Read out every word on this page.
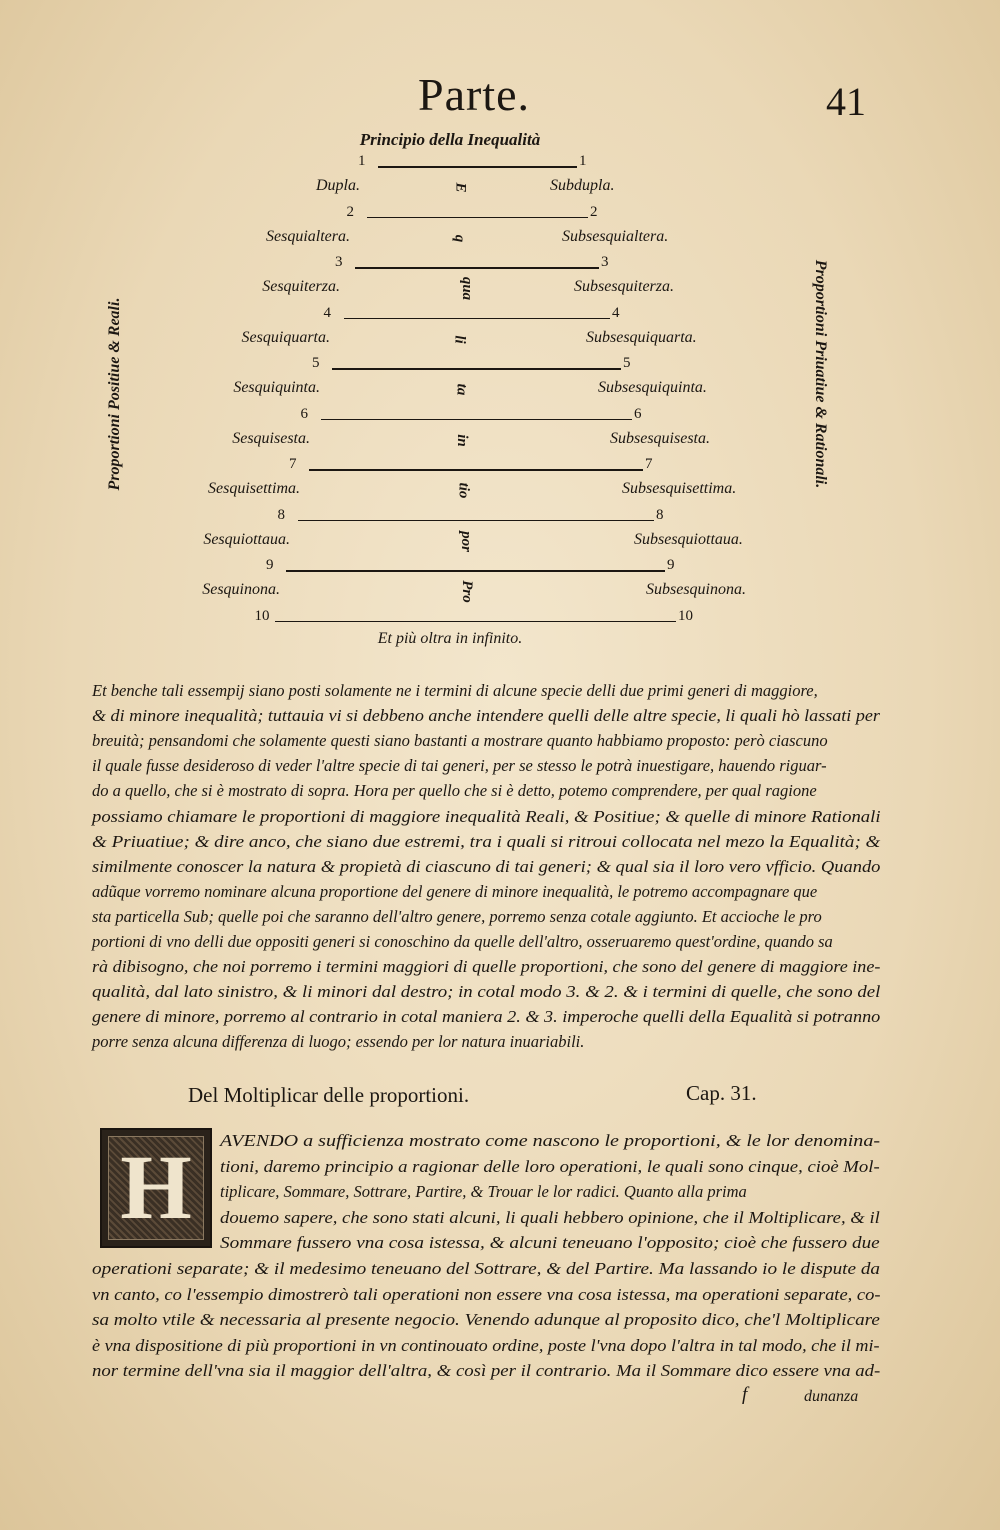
Parte.	41
Principio della Inequalità
Proportioni Positiue & Reali.	Proportioni Priuatiue & Rationali.
1	1
Dupla.	Subdupla.
E
2	2
Sesquialtera.	Subsesquialtera.
q
3	3
Sesquiterza.	Subsesquiterza.
qua
4	4
Sesquiquarta.	Subsesquiquarta.
li
5	5
Sesquiquinta.	Subsesquiquinta.
ta
6	6
Sesquisesta.	Subsesquisesta.
in
7	7
Sesquisettima.	Subsesquisettima.
tio
8	8
Sesquiottaua.	Subsesquiottaua.
por
9	9
Sesquinona.	Subsesquinona.
Pro
10	10
Et più oltra in infinito.
Et benche tali essempij siano posti solamente ne i termini di alcune specie delli due primi generi di maggiore,
& di minore inequalità; tuttauia vi si debbeno anche intendere quelli delle altre specie, li quali hò lassati per
breuità; pensandomi che solamente questi siano bastanti a mostrare quanto habbiamo proposto: però ciascuno
il quale fusse desideroso di veder l'altre specie di tai generi, per se stesso le potrà inuestigare, hauendo riguar-
do a quello, che si è mostrato di sopra. Hora per quello che si è detto, potemo comprendere, per qual ragione
possiamo chiamare le proportioni di maggiore inequalità Reali, & Positiue; & quelle di minore Rationali
& Priuatiue; & dire anco, che siano due estremi, tra i quali si ritroui collocata nel mezo la Equalità; &
similmente conoscer la natura & propietà di ciascuno di tai generi; & qual sia il loro vero vfficio. Quando
adũque vorremo nominare alcuna proportione del genere di minore inequalità, le potremo accompagnare que
sta particella Sub; quelle poi che saranno dell'altro genere, porremo senza cotale aggiunto. Et accioche le pro
portioni di vno delli due oppositi generi si conoschino da quelle dell'altro, osseruaremo quest'ordine, quando sa
rà dibisogno, che noi porremo i termini maggiori di quelle proportioni, che sono del genere di maggiore ine-
qualità, dal lato sinistro, & li minori dal destro; in cotal modo 3. & 2. & i termini di quelle, che sono del
genere di minore, porremo al contrario in cotal maniera 2. & 3. imperoche quelli della Equalità si potranno
porre senza alcuna differenza di luogo; essendo per lor natura inuariabili.
Del Moltiplicar delle proportioni.	Cap. 31.
H	AVENDO a sufficienza mostrato come nascono le proportioni, & le lor denomina-
tioni, daremo principio a ragionar delle loro operationi, le quali sono cinque, cioè Mol-
tiplicare, Sommare, Sottrare, Partire, & Trouar le lor radici. Quanto alla prima
douemo sapere, che sono stati alcuni, li quali hebbero opinione, che il Moltiplicare, & il
Sommare fussero vna cosa istessa, & alcuni teneuano l'opposito; cioè che fussero due
operationi separate; & il medesimo teneuano del Sottrare, & del Partire. Ma lassando io le dispute da
vn canto, co l'essempio dimostrerò tali operationi non essere vna cosa istessa, ma operationi separate, co-
sa molto vtile & necessaria al presente negocio. Venendo adunque al proposito dico, che'l Moltiplicare
è vna dispositione di più proportioni in vn continouato ordine, poste l'vna dopo l'altra in tal modo, che il mi-
nor termine dell'vna sia il maggior dell'altra, & così per il contrario. Ma il Sommare dico essere vna ad-
f	dunanza
